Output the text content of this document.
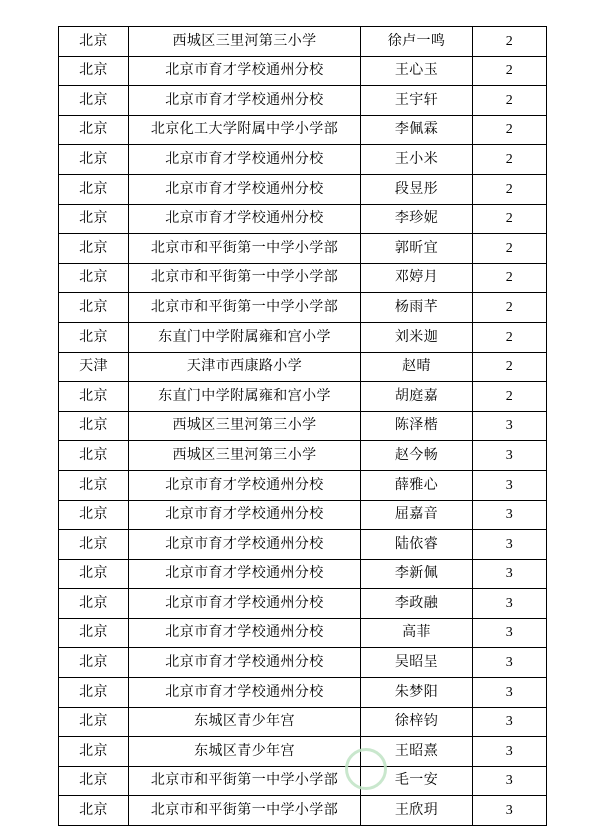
北京	西城区三里河第三小学	徐卢一鸣	2
北京	北京市育才学校通州分校	王心玉	2
北京	北京市育才学校通州分校	王宇轩	2
北京	北京化工大学附属中学小学部	李佩霖	2
北京	北京市育才学校通州分校	王小米	2
北京	北京市育才学校通州分校	段昱彤	2
北京	北京市育才学校通州分校	李珍妮	2
北京	北京市和平街第一中学小学部	郭昕宜	2
北京	北京市和平街第一中学小学部	邓婷月	2
北京	北京市和平街第一中学小学部	杨雨芊	2
北京	东直门中学附属雍和宫小学	刘米迦	2
天津	天津市西康路小学	赵晴	2
北京	东直门中学附属雍和宫小学	胡庭嘉	2
北京	西城区三里河第三小学	陈泽楷	3
北京	西城区三里河第三小学	赵今畅	3
北京	北京市育才学校通州分校	薛雅心	3
北京	北京市育才学校通州分校	屈嘉音	3
北京	北京市育才学校通州分校	陆依睿	3
北京	北京市育才学校通州分校	李新佩	3
北京	北京市育才学校通州分校	李政融	3
北京	北京市育才学校通州分校	高菲	3
北京	北京市育才学校通州分校	吴昭呈	3
北京	北京市育才学校通州分校	朱梦阳	3
北京	东城区青少年宫	徐梓钧	3
北京	东城区青少年宫	王昭熹	3
北京	北京市和平街第一中学小学部	毛一安	3
北京	北京市和平街第一中学小学部	王欣玥	3
